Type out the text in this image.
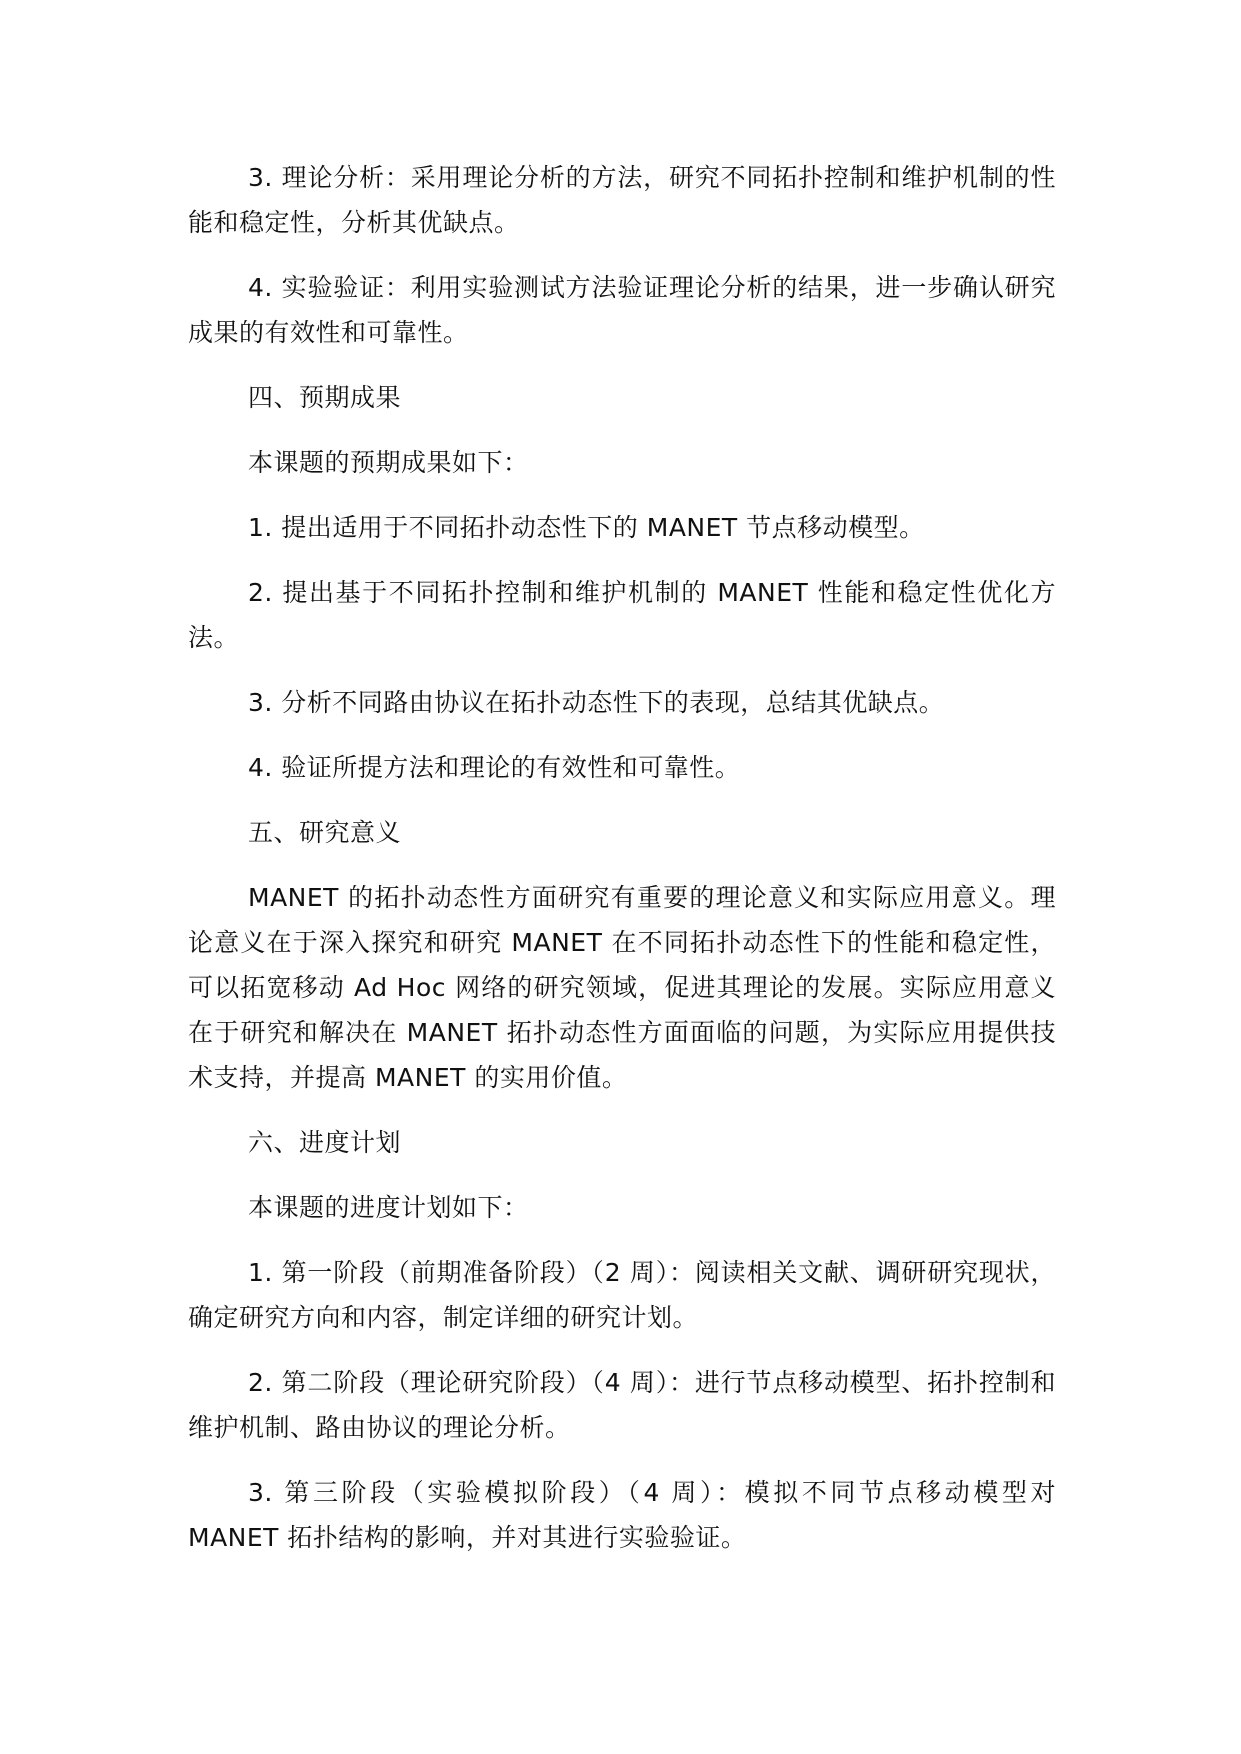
3. 理论分析：采用理论分析的方法，研究不同拓扑控制和维护机制的性能和稳定性，分析其优缺点。

4. 实验验证：利用实验测试方法验证理论分析的结果，进一步确认研究成果的有效性和可靠性。

四、预期成果

本课题的预期成果如下：

1. 提出适用于不同拓扑动态性下的 MANET 节点移动模型。

2. 提出基于不同拓扑控制和维护机制的 MANET 性能和稳定性优化方法。

3. 分析不同路由协议在拓扑动态性下的表现，总结其优缺点。

4. 验证所提方法和理论的有效性和可靠性。

五、研究意义

MANET 的拓扑动态性方面研究有重要的理论意义和实际应用意义。理论意义在于深入探究和研究 MANET 在不同拓扑动态性下的性能和稳定性，可以拓宽移动 Ad Hoc 网络的研究领域，促进其理论的发展。实际应用意义在于研究和解决在 MANET 拓扑动态性方面面临的问题，为实际应用提供技术支持，并提高 MANET 的实用价值。

六、进度计划

本课题的进度计划如下：

1. 第一阶段（前期准备阶段）（2 周）：阅读相关文献、调研研究现状，确定研究方向和内容，制定详细的研究计划。

2. 第二阶段（理论研究阶段）（4 周）：进行节点移动模型、拓扑控制和维护机制、路由协议的理论分析。

3. 第三阶段（实验模拟阶段）（4 周）：模拟不同节点移动模型对 MANET 拓扑结构的影响，并对其进行实验验证。
